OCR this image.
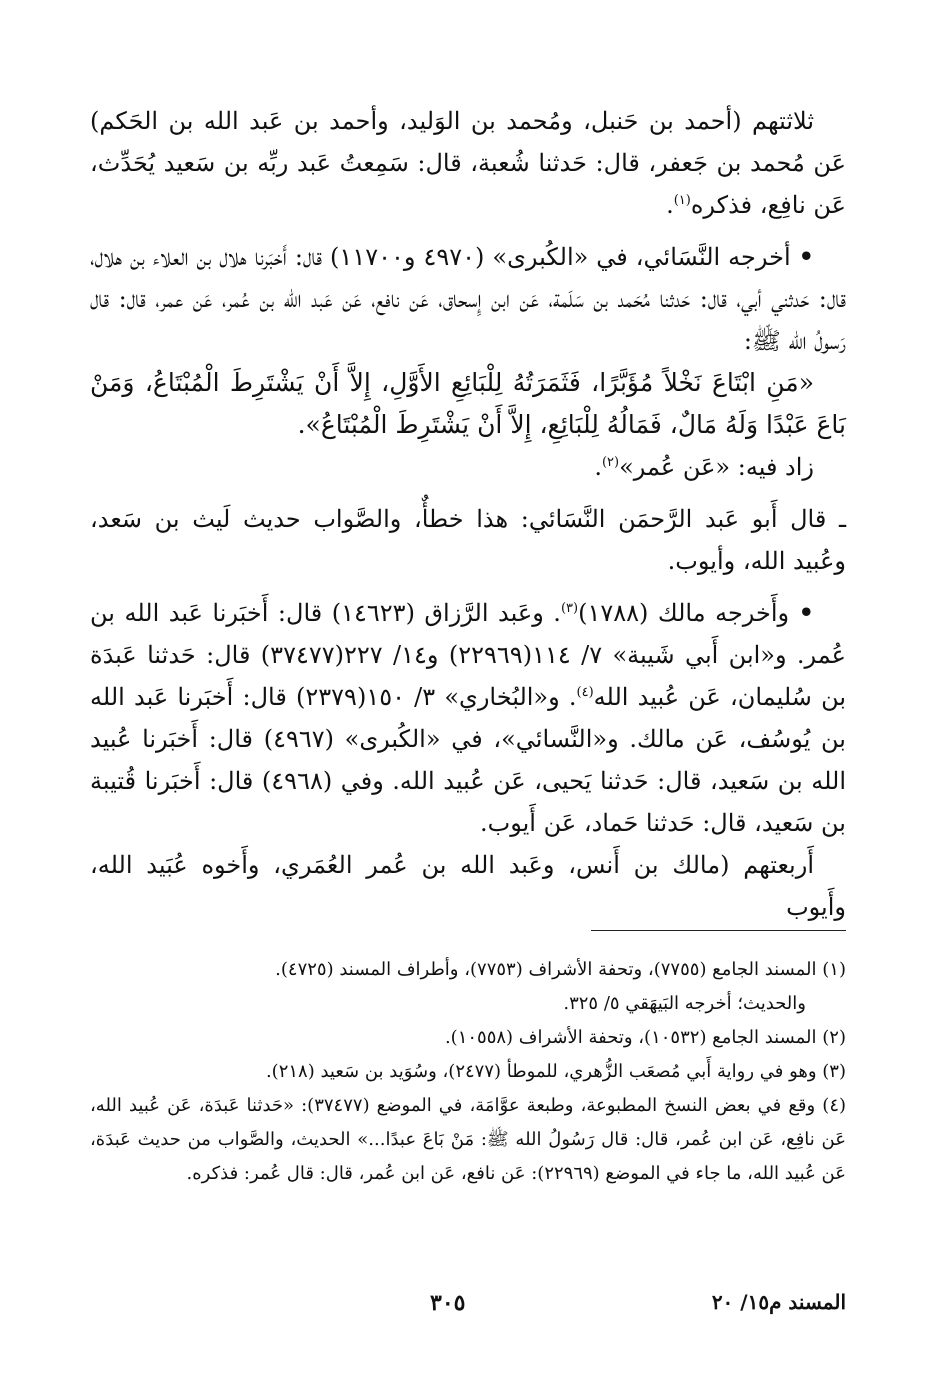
ثلاثتهم (أحمد بن حَنبل، ومُحمد بن الوَليد، وأحمد بن عَبد الله بن الحَكم) عَن مُحمد بن جَعفر، قال: حَدثنا شُعبة، قال: سَمِعتُ عَبد ربِّه بن سَعيد يُحَدِّث، عَن نافِع، فذكره$^{(١)}$.

• أخرجه النَّسَائي، في «الكُبرى» (٤٩٧٠ و١١٧٠٠) قال: أَخبَرنا هلال بن العلاء بن هلال، قال: حَدثني أبي، قال: حَدثنا مُحَمد بن سَلَمة، عَن ابن إِسحاق، عَن نافع، عَن عَبد الله بن عُمر، عَن عمر، قال: قال رَسولُ الله ﷺ:

«مَنِ ابْتَاعَ نَخْلاً مُؤَبَّرًا، فَثَمَرَتُهُ لِلْبَائِعِ الأَوَّلِ، إِلاَّ أَنْ يَشْتَرِطَ الْمُبْتَاعُ، وَمَنْ بَاعَ عَبْدًا وَلَهُ مَالٌ، فَمَالُهُ لِلْبَائِعِ، إِلاَّ أَنْ يَشْتَرِطَ الْمُبْتَاعُ».

زاد فيه: «عَن عُمر»$^{(٢)}$.

ـ قال أَبو عَبد الرَّحمَن النَّسَائي: هذا خطأٌ، والصَّواب حديث لَيث بن سَعد، وعُبيد الله، وأيوب.

• وأَخرجه مالك (١٧٨٨)$^{(٣)}$. وعَبد الرَّزاق (١٤٦٢٣) قال: أَخبَرنا عَبد الله بن عُمر. و«ابن أَبي شَيبة» ٧/ ١١٤(٢٢٩٦٩) و١٤/ ٢٢٧(٣٧٤٧٧) قال: حَدثنا عَبدَة بن سُليمان، عَن عُبيد الله$^{(٤)}$. و«البُخاري» ٣/ ١٥٠(٢٣٧٩) قال: أَخبَرنا عَبد الله بن يُوسُف، عَن مالك. و«النَّسائي»، في «الكُبرى» (٤٩٦٧) قال: أَخبَرنا عُبيد الله بن سَعيد، قال: حَدثنا يَحيى، عَن عُبيد الله. وفي (٤٩٦٨) قال: أَخبَرنا قُتيبة بن سَعيد، قال: حَدثنا حَماد، عَن أَيوب.

أَربعتهم (مالك بن أَنس، وعَبد الله بن عُمر العُمَري، وأَخوه عُبَيد الله، وأَيوب

(١) المسند الجامع (٧٧٥٥)، وتحفة الأشراف (٧٧٥٣)، وأطراف المسند (٤٧٢٥).

والحديث؛ أخرجه البَيهَقي ٥/ ٣٢٥.

(٢) المسند الجامع (١٠٥٣٢)، وتحفة الأشراف (١٠٥٥٨).

(٣) وهو في رواية أَبي مُصعَب الزُّهري، للموطأ (٢٤٧٧)، وسُوَيد بن سَعيد (٢١٨).

(٤) وقع في بعض النسخ المطبوعة، وطبعة عوَّامَة، في الموضع (٣٧٤٧٧): «حَدثنا عَبدَة، عَن عُبيد الله، عَن نافِع، عَن ابن عُمر، قال: قال رَسُولُ الله ﷺ: مَنْ بَاعَ عبدًا...» الحديث، والصَّواب من حديث عَبدَة، عَن عُبيد الله، ما جاء في الموضع (٢٢٩٦٩): عَن نافع، عَن ابن عُمر، قال: قال عُمر: فذكره.

المسند م١٥/ ٢٠
٣٠٥
